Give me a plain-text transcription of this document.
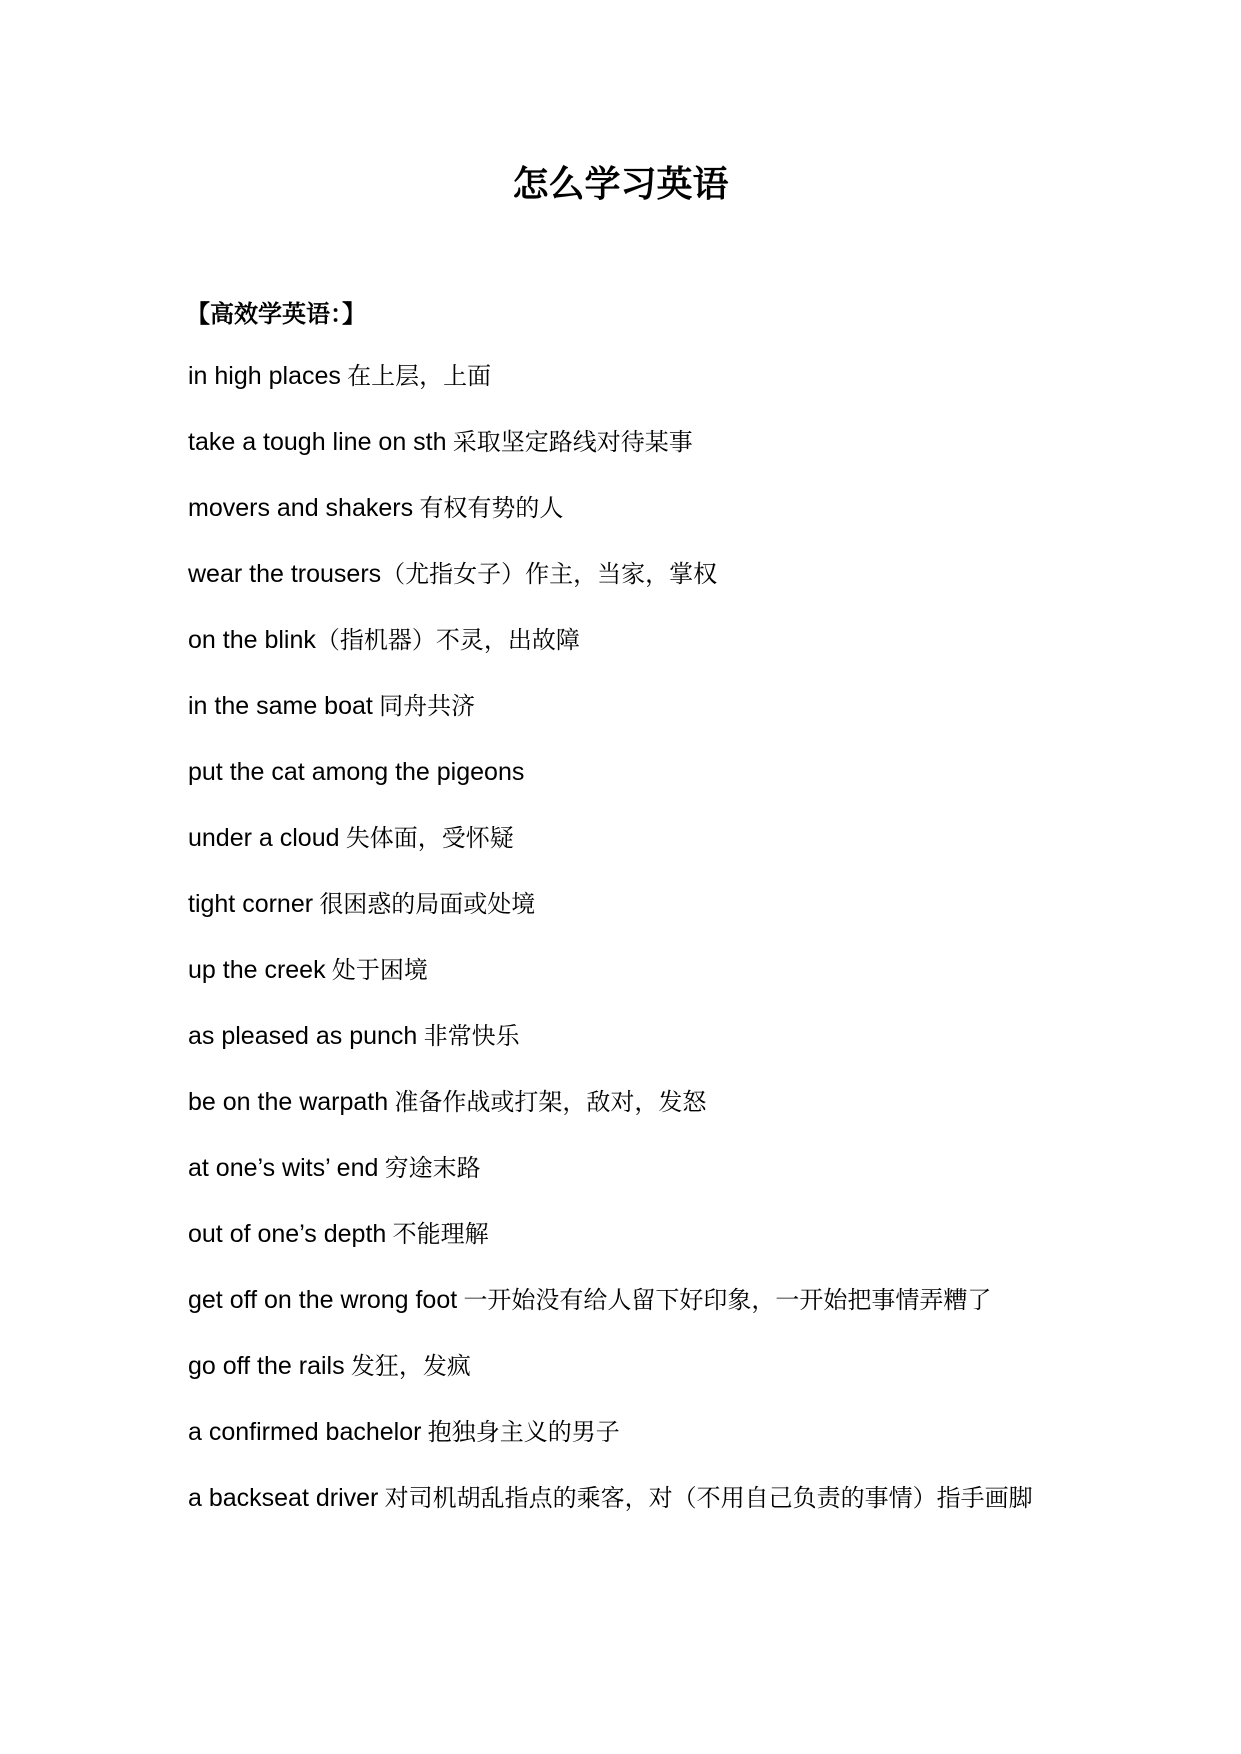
怎么学习英语
【高效学英语：】
in high places 在上层，上面
take a tough line on sth 采取坚定路线对待某事
movers and shakers 有权有势的人
wear the trousers（尤指女子）作主，当家，掌权
on the blink（指机器）不灵，出故障
in the same boat 同舟共济
put the cat among the pigeons
under a cloud 失体面，受怀疑
tight corner 很困惑的局面或处境
up the creek 处于困境
as pleased as punch 非常快乐
be on the warpath 准备作战或打架，敌对，发怒
at one’s wits’ end 穷途末路
out of one’s depth 不能理解
get off on the wrong foot 一开始没有给人留下好印象，一开始把事情弄糟了
go off the rails 发狂，发疯
a confirmed bachelor 抱独身主义的男子
a backseat driver 对司机胡乱指点的乘客，对（不用自己负责的事情）指手画脚
